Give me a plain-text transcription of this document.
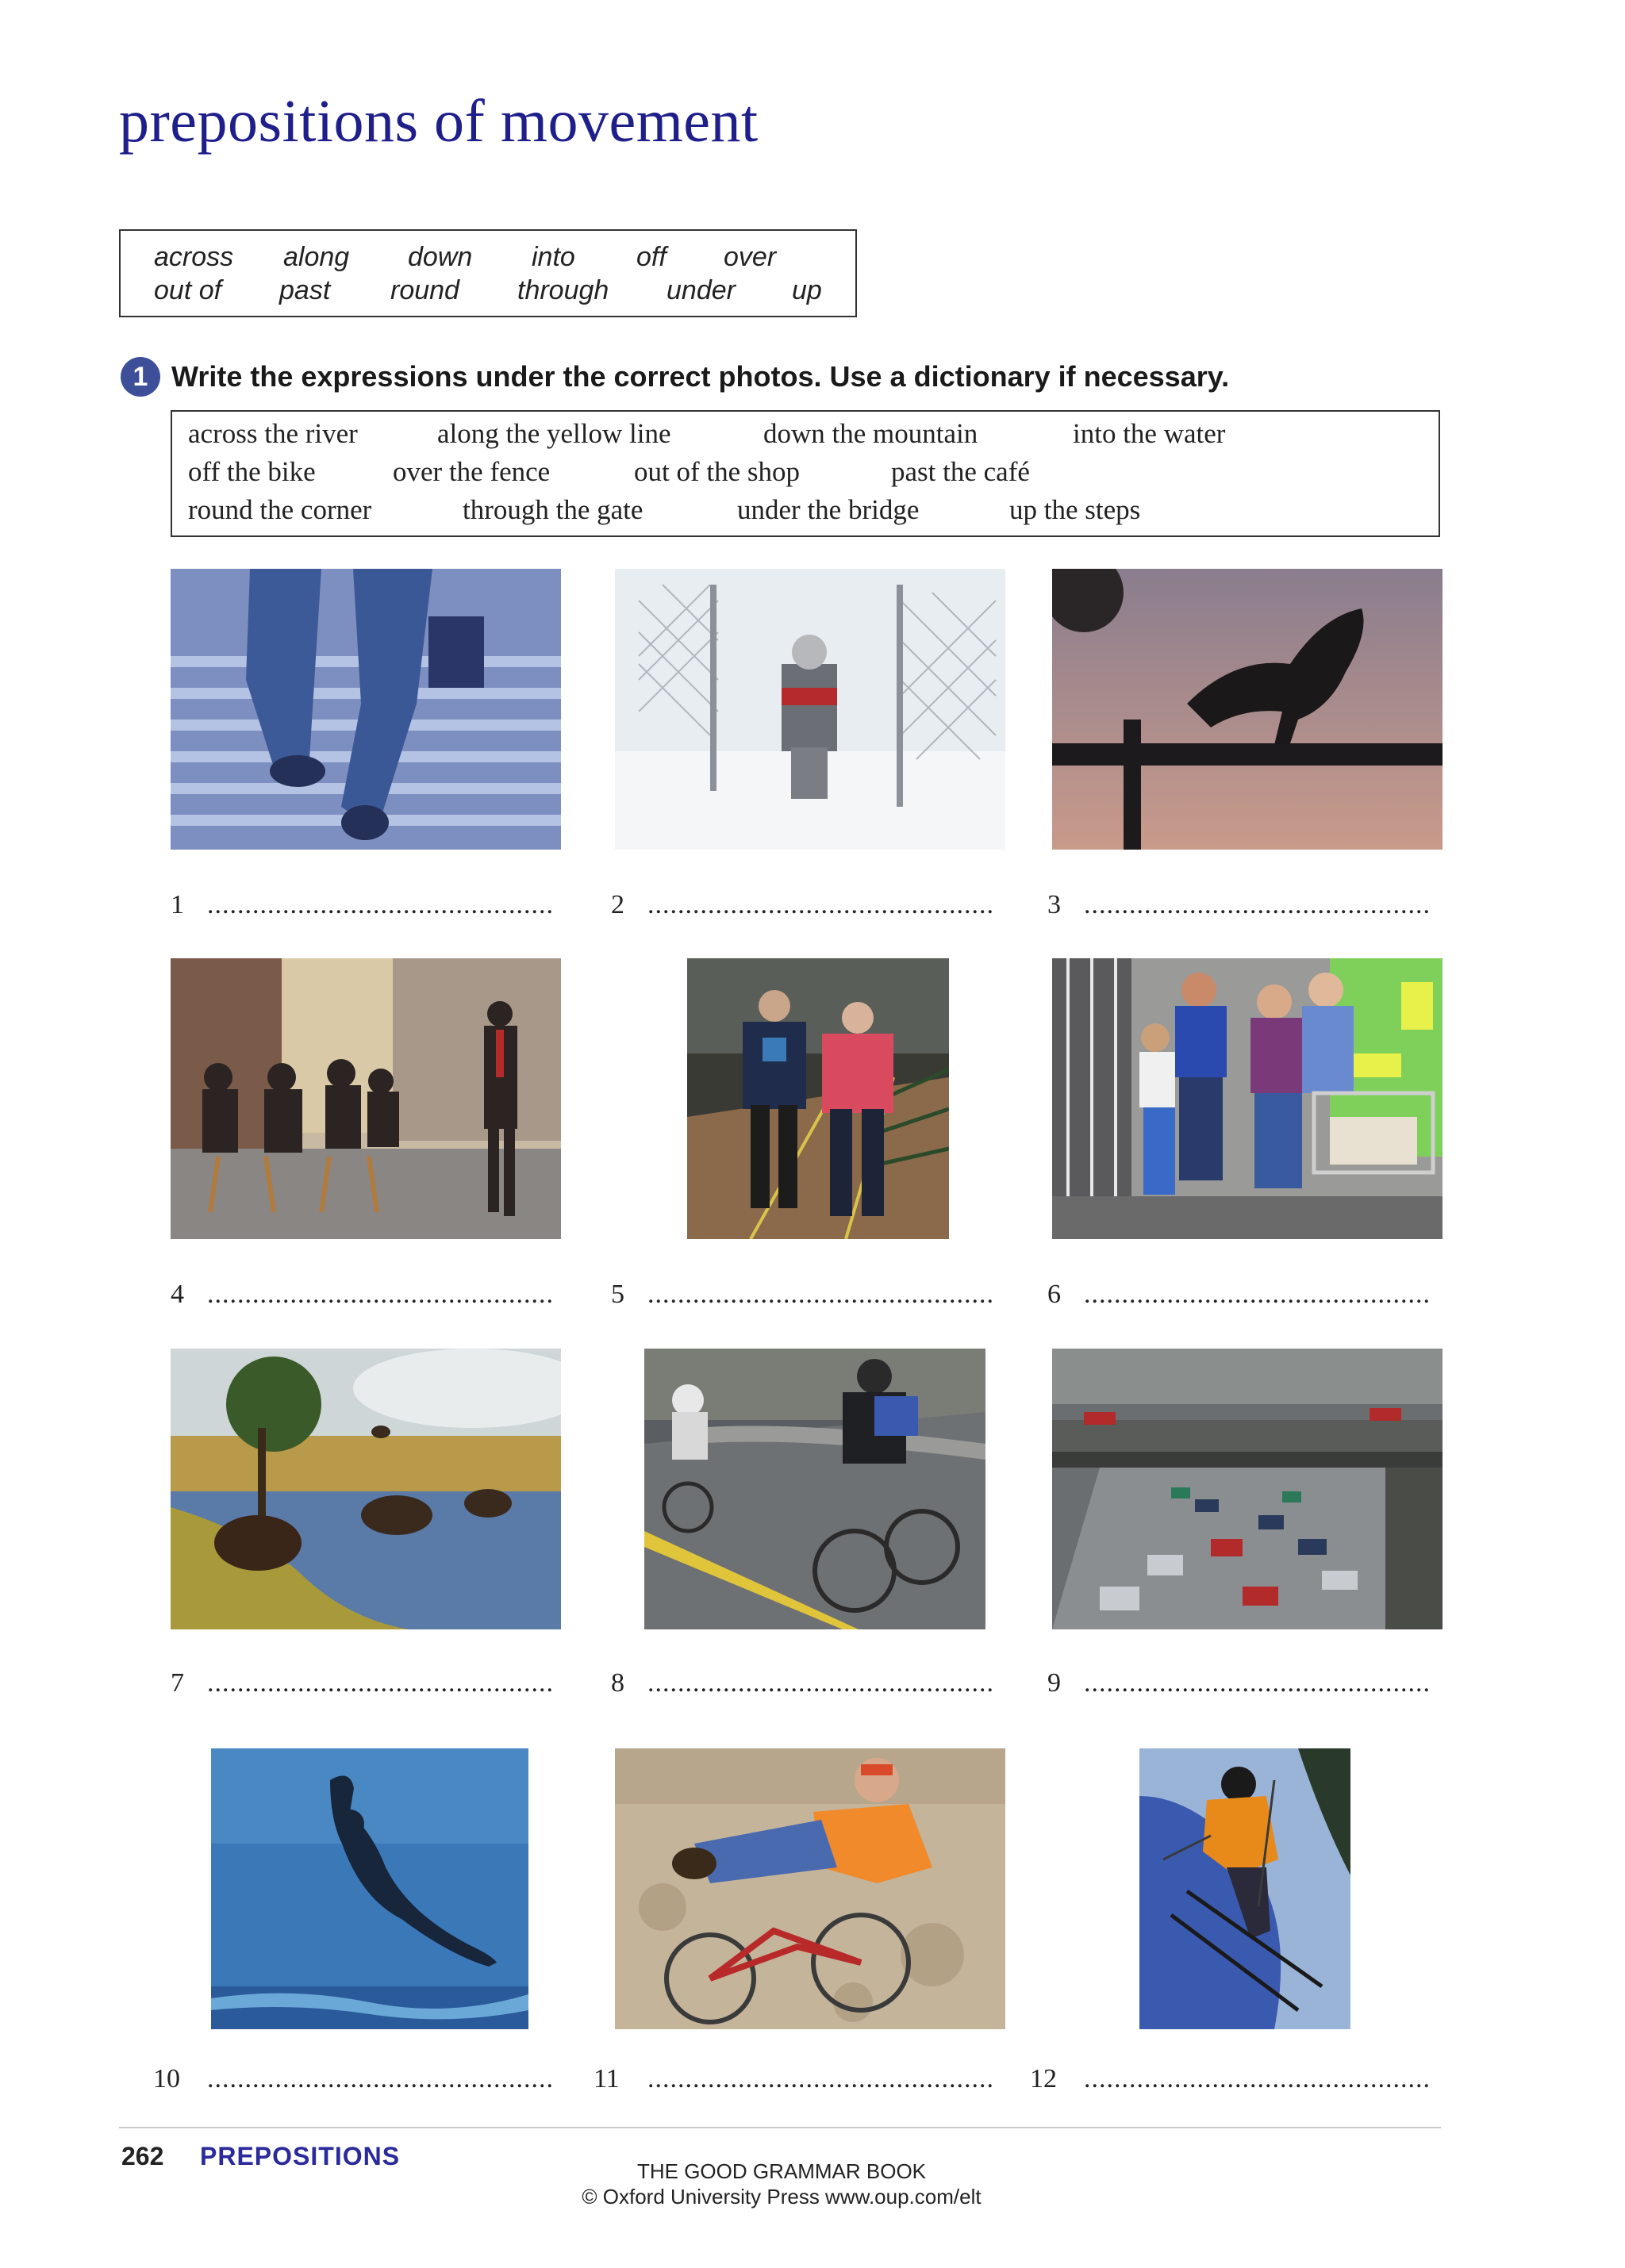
prepositions of movement
across along down into off over
out of past round through under up
1 Write the expressions under the correct photos. Use a dictionary if necessary.
across the river	along the yellow line	down the mountain	into the water
off the bike	over the fence	out of the shop	past the café
round the corner	through the gate	under the bridge	up the steps
1 .............................................. 2 .............................................. 3 ..............................................
4 .............................................. 5 .............................................. 6 ..............................................
7 .............................................. 8 .............................................. 9 ..............................................
10	.............................................. 11	.............................................. 12	..............................................
262 PREPOSITIONS
THE GOOD GRAMMAR BOOK
© Oxford University Press www.oup.com/elt
